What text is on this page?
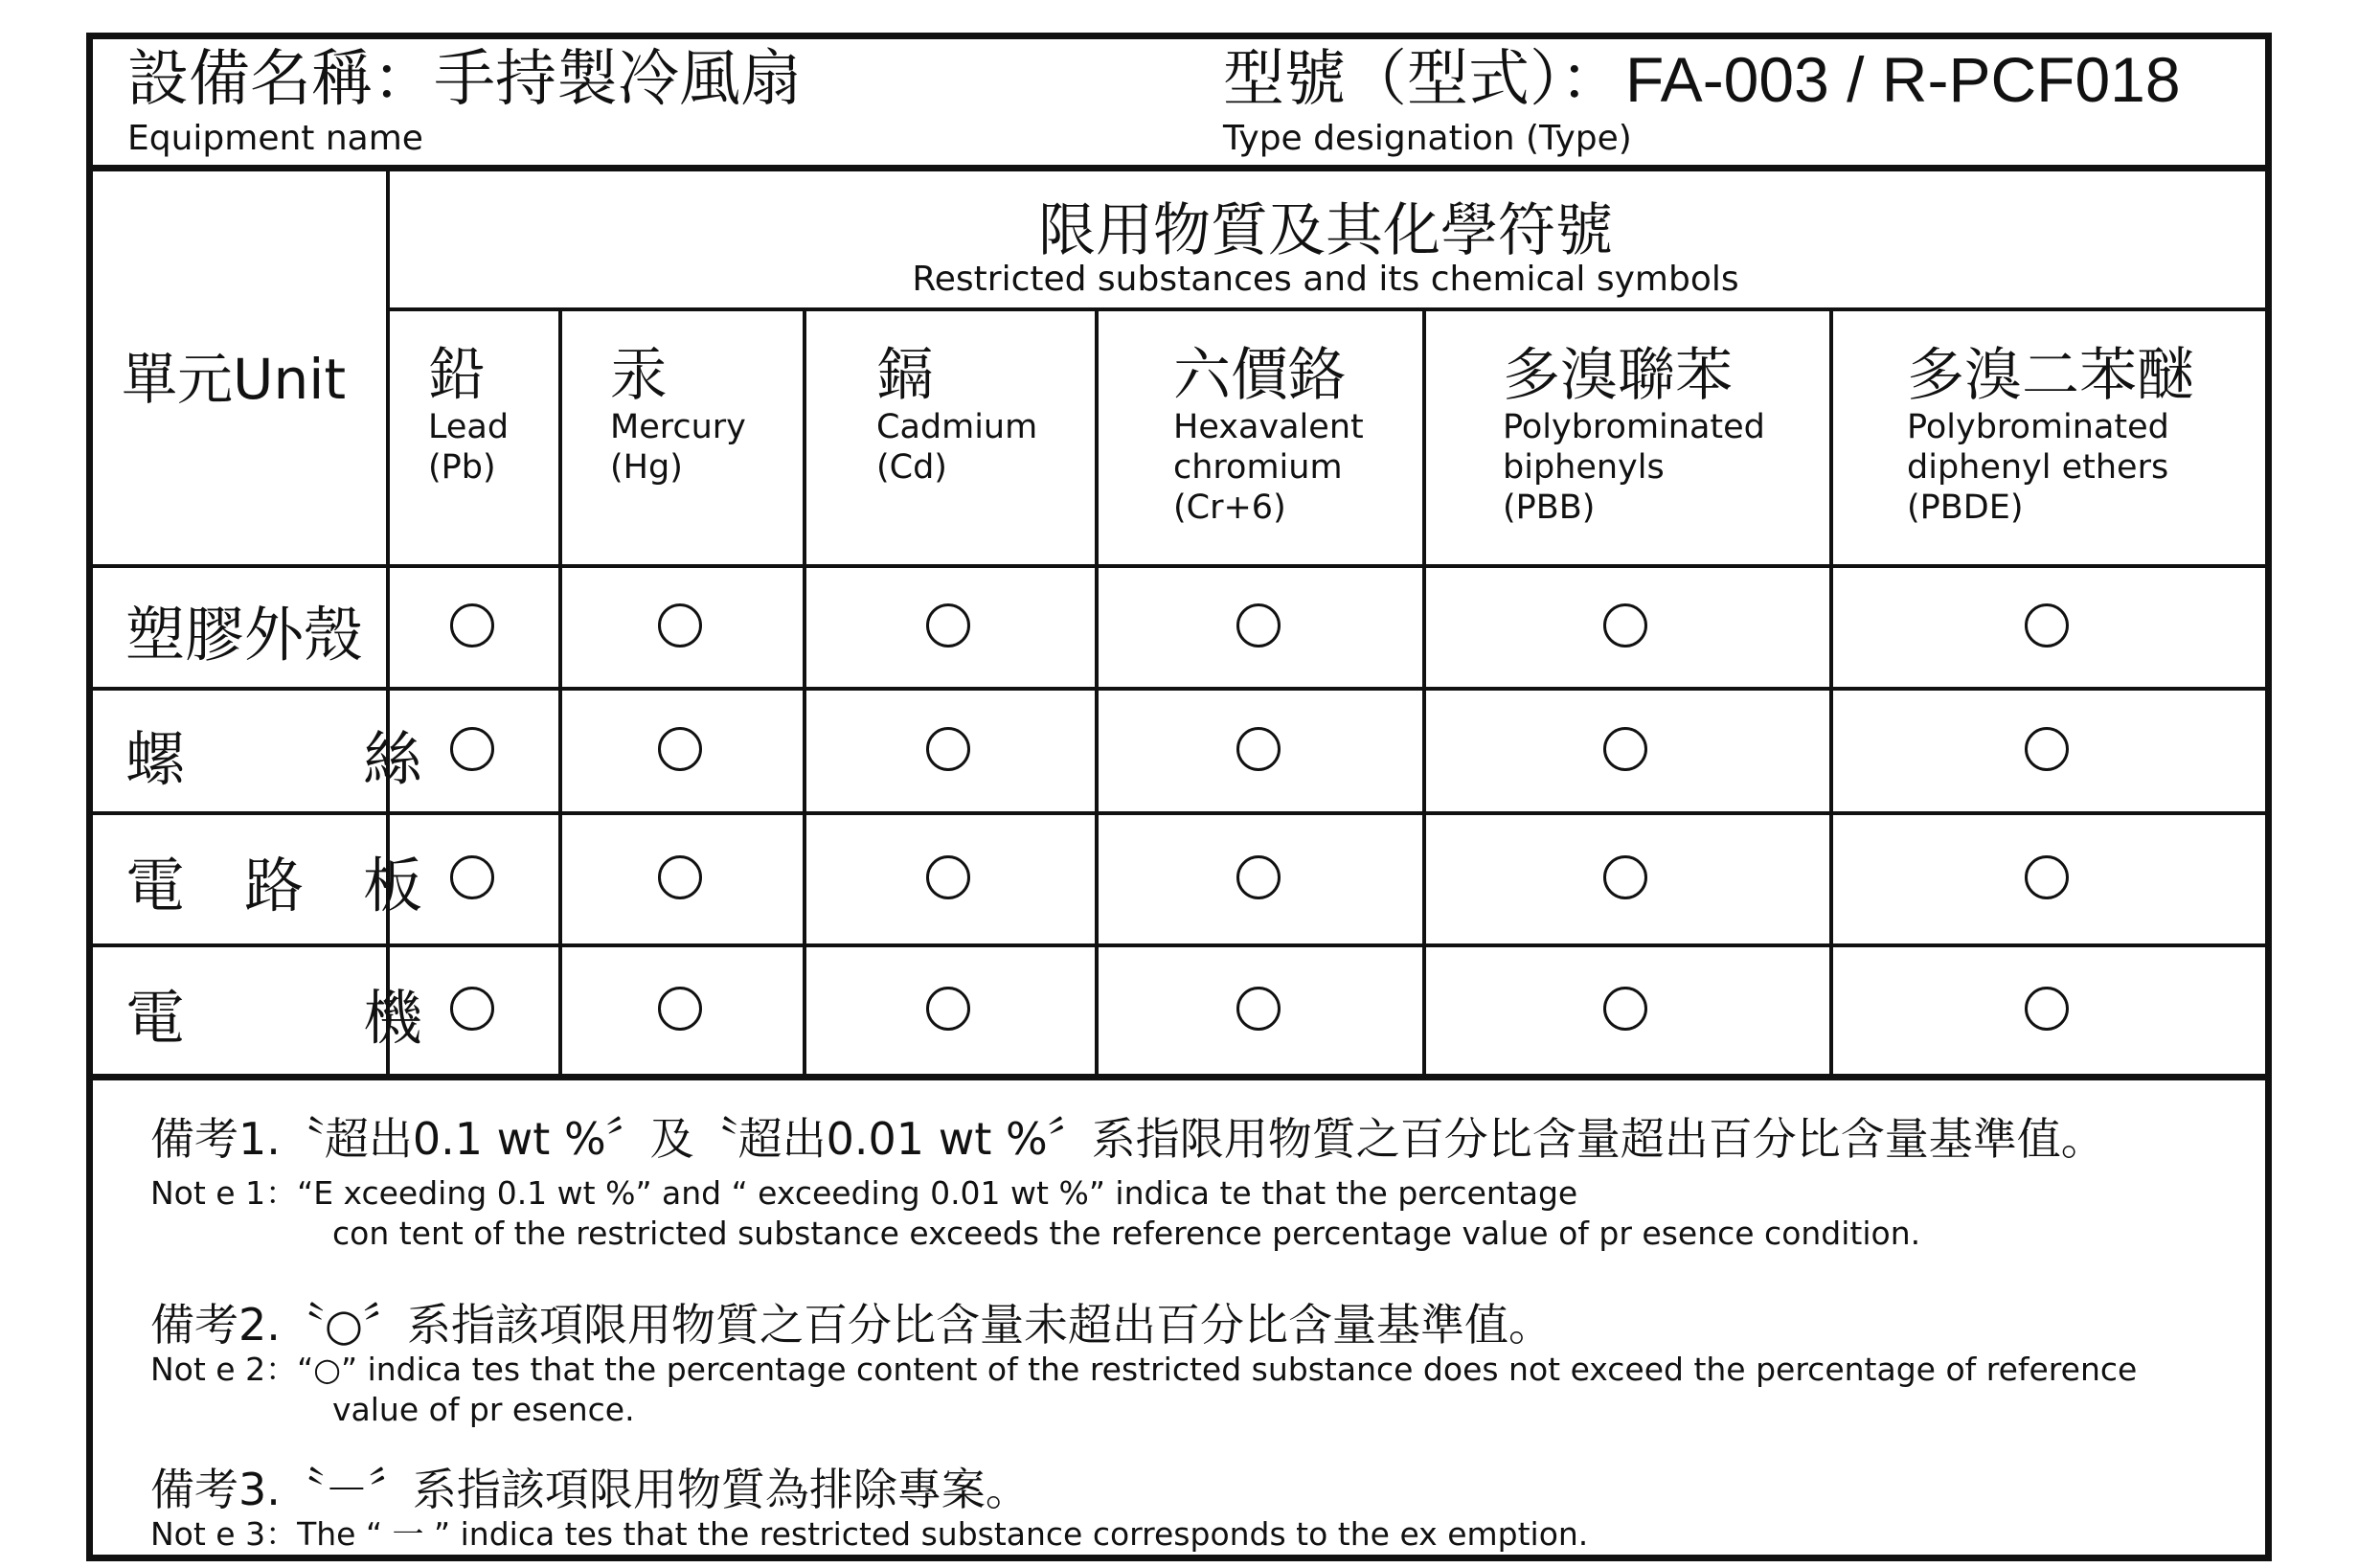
設備名稱：手持製冷風扇
Equipment name
型號（型式）： FA-003 / R-PCF018
Type designation (Type)
單元Unit
限用物質及其化學符號
Restricted substances and its chemical symbols
鉛
Lead
(Pb)
汞
Mercury
(Hg)
鎘
Cadmium
(Cd)
六價鉻
Hexavalent
chromium
(Cr+6)
多溴聯苯
Polybrominated
biphenyls
(PBB)
多溴二苯醚
Polybrominated
diphenyl ethers
(PBDE)
塑膠外殼
螺　　　絲
電　路　板
電　　　機
備考1.〝超出0.1 wt %〞及〝超出0.01 wt %〞系指限用物質之百分比含量超出百分比含量基準值。
Not e 1：“E xceeding 0.1 wt %” and “ exceeding 0.01 wt %” indica te that the percentage
con tent of the restricted substance exceeds the reference percentage value of pr esence condition.
備考2.〝○〞系指該項限用物質之百分比含量未超出百分比含量基準值。
Not e 2：“○” indica tes that the percentage content of the restricted substance does not exceed the percentage of reference
value of pr esence.
備考3.〝－〞系指該項限用物質為排除專案。
Not e 3：The “ 一 ” indica tes that the restricted substance corresponds to the ex emption.
